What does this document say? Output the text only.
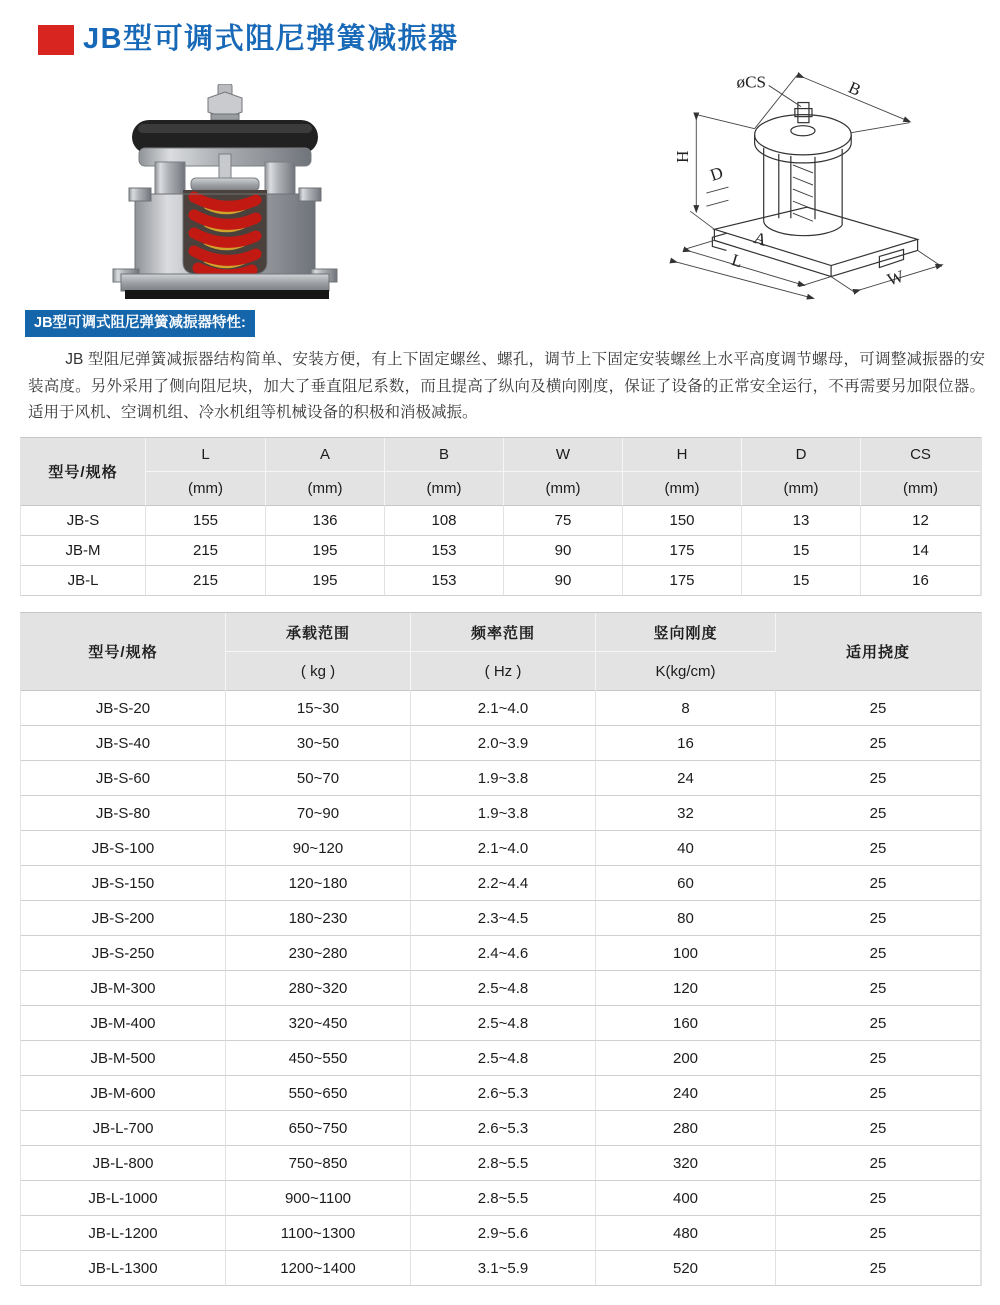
JB型可调式阻尼弹簧减振器
øCS	B
H
D
A
L
W
JB型可调式阻尼弹簧减振器特性:

JB 型阻尼弹簧减振器结构简单、安装方便，有上下固定螺丝、螺孔，调节上下固定安装螺丝上水平高度调节螺母，可调整减振器的安装高度。另外采用了侧向阻尼块，加大了垂直阻尼系数，而且提高了纵向及横向刚度，保证了设备的正常安全运行，不再需要另加限位器。适用于风机、空调机组、冷水机组等机械设备的积极和消极减振。

型号/规格	L	A	B	W	H	D	CS
	(mm)	(mm)	(mm)	(mm)	(mm)	(mm)	(mm)
JB-S	155	136	108	75	150	13	12
JB-M	215	195	153	90	175	15	14
JB-L	215	195	153	90	175	15	16
型号/规格	承载范围	频率范围	竖向刚度	适用挠度
	( kg )	( Hz )	K(kg/cm)	
JB-S-20	15~30	2.1~4.0	8	25
JB-S-40	30~50	2.0~3.9	16	25
JB-S-60	50~70	1.9~3.8	24	25
JB-S-80	70~90	1.9~3.8	32	25
JB-S-100	90~120	2.1~4.0	40	25
JB-S-150	120~180	2.2~4.4	60	25
JB-S-200	180~230	2.3~4.5	80	25
JB-S-250	230~280	2.4~4.6	100	25
JB-M-300	280~320	2.5~4.8	120	25
JB-M-400	320~450	2.5~4.8	160	25
JB-M-500	450~550	2.5~4.8	200	25
JB-M-600	550~650	2.6~5.3	240	25
JB-L-700	650~750	2.6~5.3	280	25
JB-L-800	750~850	2.8~5.5	320	25
JB-L-1000	900~1100	2.8~5.5	400	25
JB-L-1200	1100~1300	2.9~5.6	480	25
JB-L-1300	1200~1400	3.1~5.9	520	25
